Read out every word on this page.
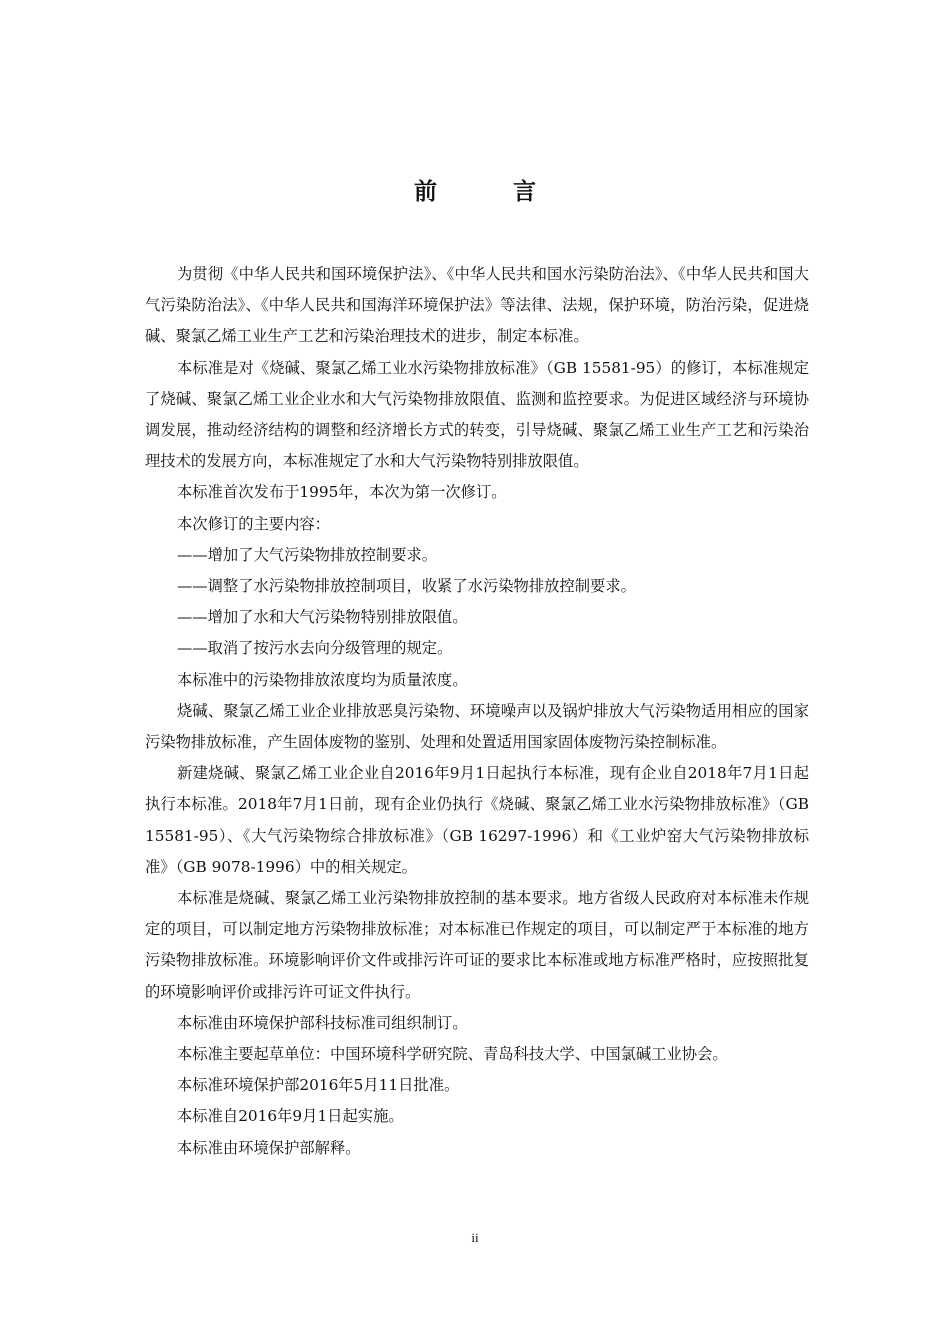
前 言

为贯彻《中华人民共和国环境保护法》、《中华人民共和国水污染防治法》、《中华人民共和国大气污染防治法》、《中华人民共和国海洋环境保护法》等法律、法规，保护环境，防治污染，促进烧碱、聚氯乙烯工业生产工艺和污染治理技术的进步，制定本标准。

本标准是对《烧碱、聚氯乙烯工业水污染物排放标准》（GB 15581-95）的修订，本标准规定了烧碱、聚氯乙烯工业企业水和大气污染物排放限值、监测和监控要求。为促进区域经济与环境协调发展，推动经济结构的调整和经济增长方式的转变，引导烧碱、聚氯乙烯工业生产工艺和污染治理技术的发展方向，本标准规定了水和大气污染物特别排放限值。

本标准首次发布于1995年，本次为第一次修订。

本次修订的主要内容：

——增加了大气污染物排放控制要求。

——调整了水污染物排放控制项目，收紧了水污染物排放控制要求。

——增加了水和大气污染物特别排放限值。

——取消了按污水去向分级管理的规定。

本标准中的污染物排放浓度均为质量浓度。

烧碱、聚氯乙烯工业企业排放恶臭污染物、环境噪声以及锅炉排放大气污染物适用相应的国家污染物排放标准，产生固体废物的鉴别、处理和处置适用国家固体废物污染控制标准。

新建烧碱、聚氯乙烯工业企业自2016年9月1日起执行本标准，现有企业自2018年7月1日起执行本标准。2018年7月1日前，现有企业仍执行《烧碱、聚氯乙烯工业水污染物排放标准》（GB 15581-95）、《大气污染物综合排放标准》（GB 16297-1996）和《工业炉窑大气污染物排放标准》（GB 9078-1996）中的相关规定。

本标准是烧碱、聚氯乙烯工业污染物排放控制的基本要求。地方省级人民政府对本标准未作规定的项目，可以制定地方污染物排放标准；对本标准已作规定的项目，可以制定严于本标准的地方污染物排放标准。环境影响评价文件或排污许可证的要求比本标准或地方标准严格时，应按照批复的环境影响评价或排污许可证文件执行。

本标准由环境保护部科技标准司组织制订。

本标准主要起草单位：中国环境科学研究院、青岛科技大学、中国氯碱工业协会。

本标准环境保护部2016年5月11日批准。

本标准自2016年9月1日起实施。

本标准由环境保护部解释。

ii
